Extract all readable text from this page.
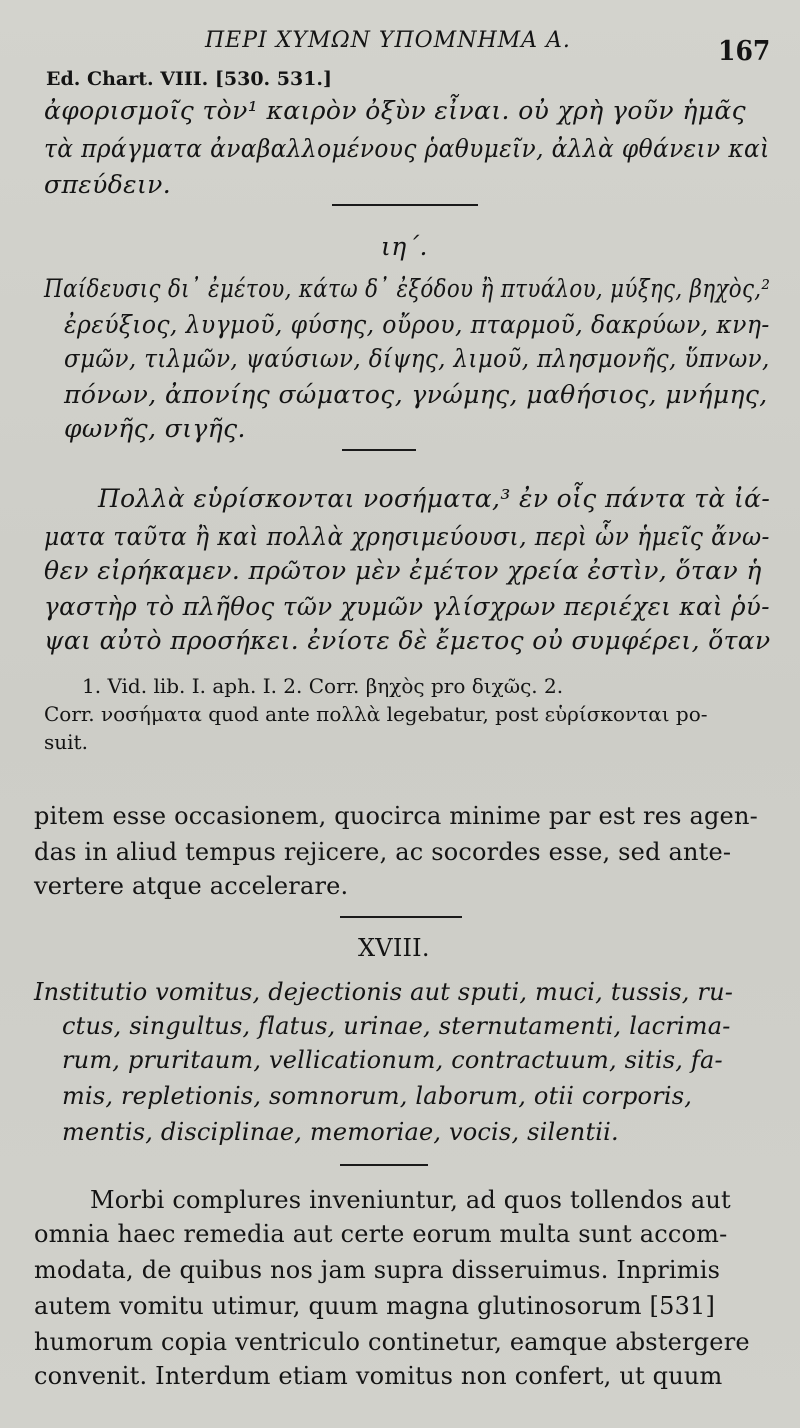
ΠΕΡΙ ΧΥΜΩΝ ΥΠΟΜΝΗΜΑ Α.	167
Ed. Chart. VIII. [530. 531.]
ἀφορισμοῖς τὸν¹ καιρὸν ὀξὺν εἶναι. οὐ χρὴ γοῦν ἡμᾶς
τὰ πράγματα ἀναβαλλομένους ῥαθυμεῖν, ἀλλὰ φθάνειν καὶ
σπεύδειν.
ιη΄.
Παίδευσις δι᾽ ἐμέτου, κάτω δ᾽ ἐξόδου ἢ πτυάλου, μύξης, βηχὸς,²
ἐρεύξιος, λυγμοῦ, φύσης, οὔρου, πταρμοῦ, δακρύων, κνη-
σμῶν, τιλμῶν, ψαύσιων, δίψης, λιμοῦ, πλησμονῆς, ὕπνων,
πόνων, ἀπονίης σώματος, γνώμης, μαθήσιος, μνήμης,
φωνῆς, σιγῆς.
Πολλὰ εὑρίσκονται νοσήματα,³ ἐν οἷς πάντα τὰ ἰά-
ματα ταῦτα ἢ καὶ πολλὰ χρησιμεύουσι, περὶ ὧν ἡμεῖς ἄνω-
θεν εἰρήκαμεν. πρῶτον μὲν ἐμέτον χρεία ἐστὶν, ὅταν ἡ
γαστὴρ τὸ πλῆθος τῶν χυμῶν γλίσχρων περιέχει καὶ ῥύ-
ψαι αὐτὸ προσήκει. ἐνίοτε δὲ ἔμετος οὐ συμφέρει, ὅταν
1. Vid. lib. I. aph. I. 2. Corr. βηχὸς pro διχῶς. 2.
Corr. νοσήματα quod ante πολλὰ legebatur, post εὑρίσκονται po-
suit.
pitem esse occasionem, quocirca minime par est res agen-
das in aliud tempus rejicere, ac socordes esse, sed ante-
vertere atque accelerare.
XVIII.
Institutio vomitus, dejectionis aut sputi, muci, tussis, ru-
ctus, singultus, flatus, urinae, sternutamenti, lacrima-
rum, pruritaum, vellicationum, contractuum, sitis, fa-
mis, repletionis, somnorum, laborum, otii corporis,
mentis, disciplinae, memoriae, vocis, silentii.
Morbi complures inveniuntur, ad quos tollendos aut
omnia haec remedia aut certe eorum multa sunt accom-
modata, de quibus nos jam supra disseruimus. Inprimis
autem vomitu utimur, quum magna glutinosorum [531]
humorum copia ventriculo continetur, eamque abstergere
convenit. Interdum etiam vomitus non confert, ut quum
